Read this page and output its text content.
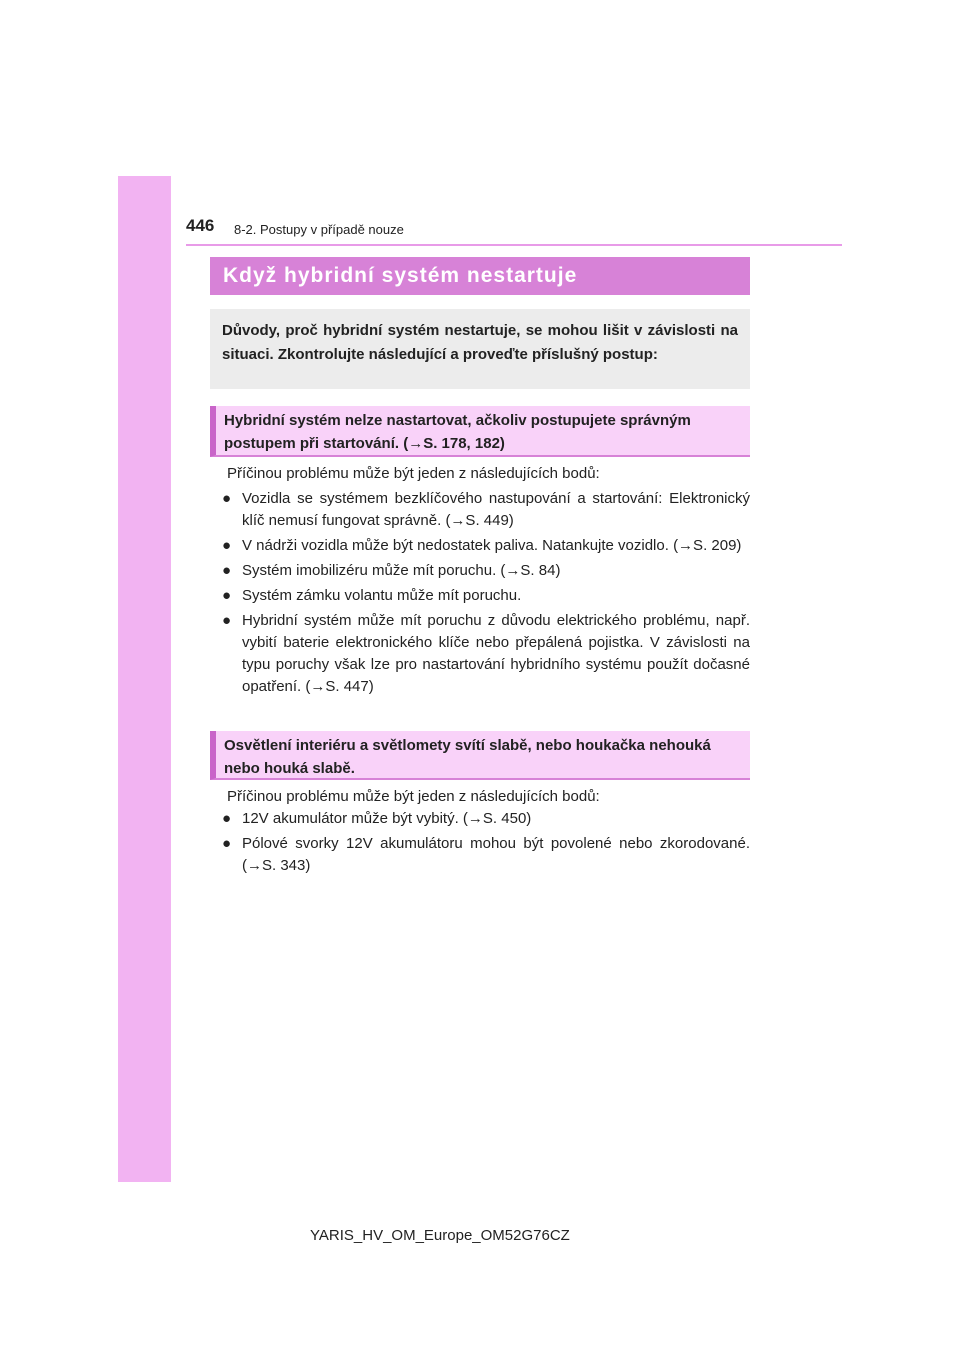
446 8-2. Postupy v případě nouze
Když hybridní systém nestartuje
Důvody, proč hybridní systém nestartuje, se mohou lišit v závislosti na situaci. Zkontrolujte následující a proveďte příslušný postup:
Hybridní systém nelze nastartovat, ačkoliv postupujete správným postupem při startování. (→S. 178, 182)
Příčinou problému může být jeden z následujících bodů:
● Vozidla se systémem bezklíčového nastupování a startování: Elektronický klíč nemusí fungovat správně. (→S. 449)
● V nádrži vozidla může být nedostatek paliva. Natankujte vozidlo. (→S. 209)
● Systém imobilizéru může mít poruchu. (→S. 84)
● Systém zámku volantu může mít poruchu.
● Hybridní systém může mít poruchu z důvodu elektrického problému, např. vybití baterie elektronického klíče nebo přepálená pojistka. V závislosti na typu poruchy však lze pro nastartování hybridního systému použít dočasné opatření. (→S. 447)
Osvětlení interiéru a světlomety svítí slabě, nebo houkačka nehouká nebo houká slabě.
Příčinou problému může být jeden z následujících bodů:
● 12V akumulátor může být vybitý. (→S. 450)
● Pólové svorky 12V akumulátoru mohou být povolené nebo zkorodované. (→S. 343)
YARIS_HV_OM_Europe_OM52G76CZ
